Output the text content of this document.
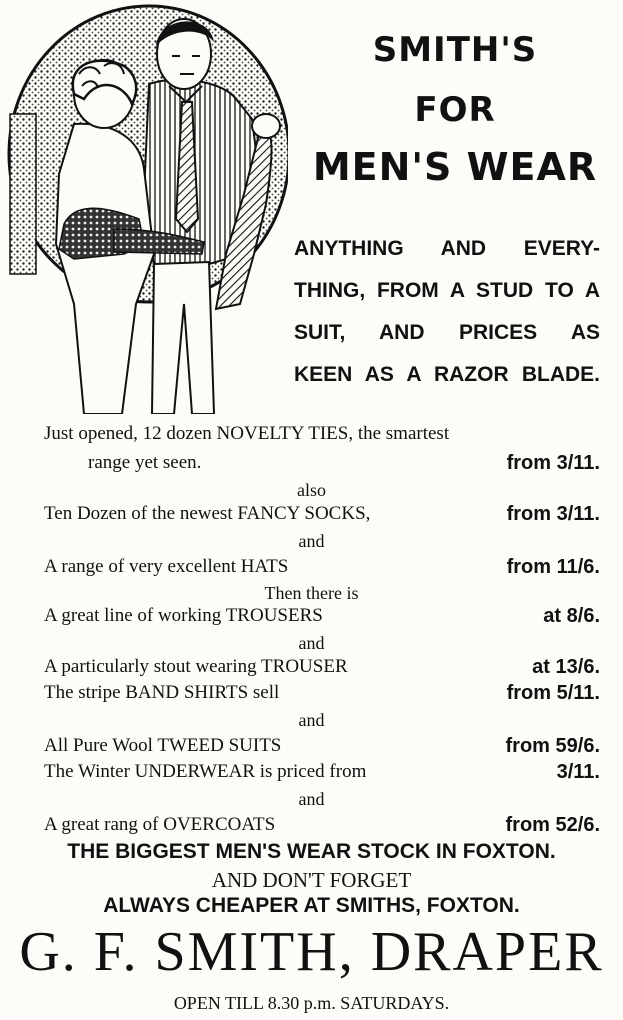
SMITH'S
FOR
MEN'S WEAR
ANYTHING AND EVERY-
THING, FROM A STUD TO A
SUIT, AND PRICES AS
KEEN AS A RAZOR BLADE.
Just opened, 12 dozen NOVELTY TIES, the smartest
range yet seen.	from 3/11.
also
Ten Dozen of the newest FANCY SOCKS,	from 3/11.
and
A range of very excellent HATS	from 11/6.
Then there is
A great line of working TROUSERS	at 8/6.
and
A particularly stout wearing TROUSER	at 13/6.
The stripe BAND SHIRTS sell	from 5/11.
and
All Pure Wool TWEED SUITS	from 59/6.
The Winter UNDERWEAR is priced from	3/11.
and
A great rang of OVERCOATS	from 52/6.
THE BIGGEST MEN'S WEAR STOCK IN FOXTON.
AND DON'T FORGET
ALWAYS CHEAPER AT SMITHS, FOXTON.
G. F. SMITH, DRAPER
OPEN TILL 8.30 p.m. SATURDAYS.
